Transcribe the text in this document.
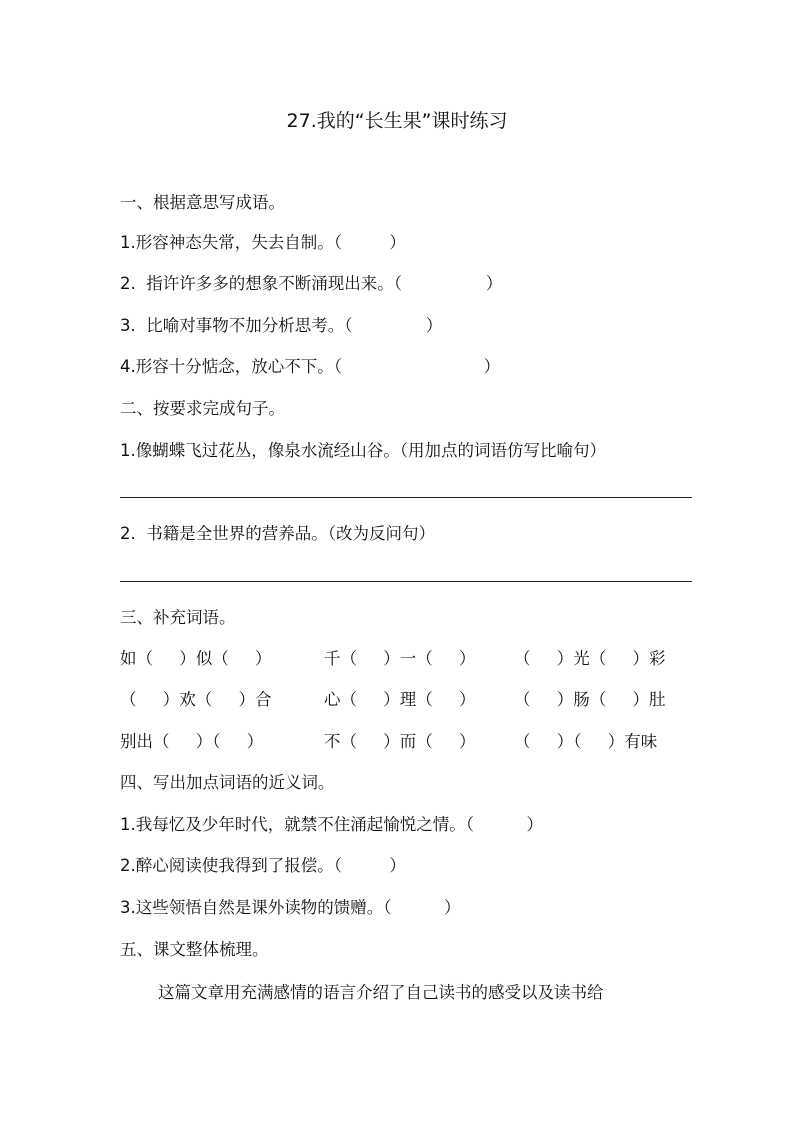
27.我的“长生果”课时练习
一、根据意思写成语。
1.形容神态失常，失去自制。（         ）
2.  指许许多多的想象不断涌现出来。（                ）
3.  比喻对事物不加分析思考。（              ）
4.形容十分惦念，放心不下。（                           ）
二、按要求完成句子。
1.像蝴蝶飞过花丛，像泉水流经山谷。（用加点的词语仿写比喻句）
2.  书籍是全世界的营养品。（改为反问句）
三、补充词语。
如（     ）似（     ）	千（     ）一（     ） （     ）光（     ）彩
（     ）欢（     ）合	心（     ）理（     ） （     ）肠（     ）肚
别出（     ）（     ）	不（     ）而（     ） （     ）（     ）有味
四、写出加点词语的近义词。
1.我每忆及少年时代，就禁不住涌起愉悦之情。（          ）
2.醉心阅读使我得到了报偿。（         ）
3.这些领悟自然是课外读物的馈赠。（          ）
五、课文整体梳理。
这篇文章用充满感情的语言介绍了自己读书的感受以及读书给
